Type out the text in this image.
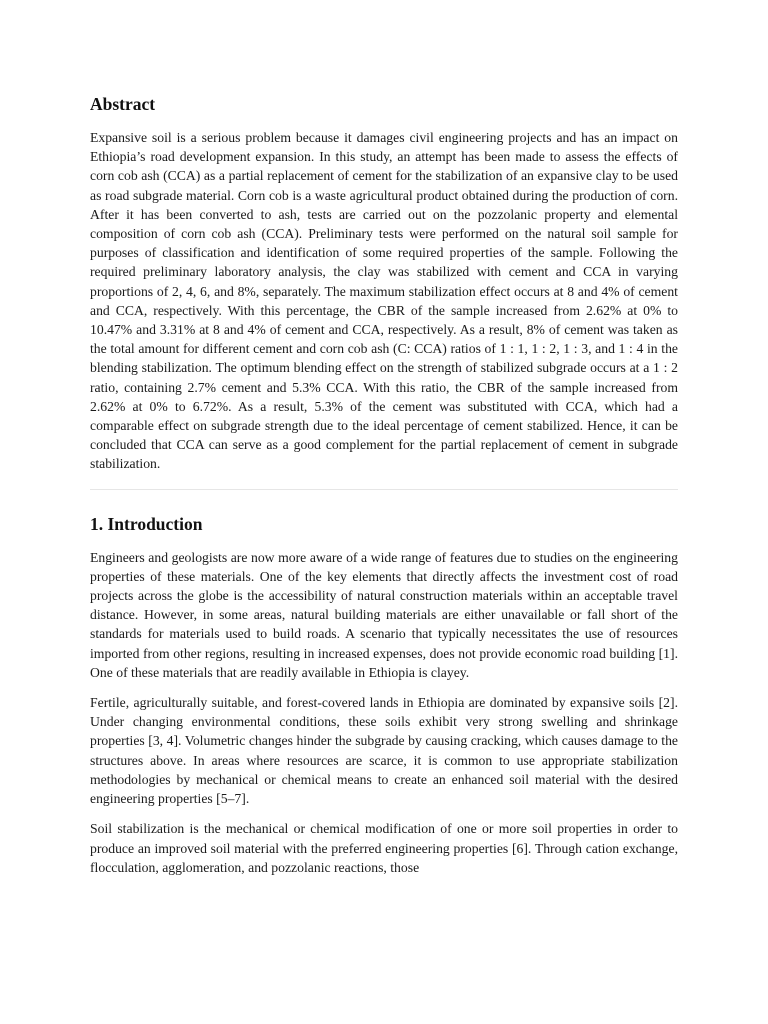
Abstract

Expansive soil is a serious problem because it damages civil engineering projects and has an impact on Ethiopia’s road development expansion. In this study, an attempt has been made to assess the effects of corn cob ash (CCA) as a partial replacement of cement for the stabilization of an expansive clay to be used as road subgrade material. Corn cob is a waste agricultural product obtained during the production of corn. After it has been converted to ash, tests are carried out on the pozzolanic property and elemental composition of corn cob ash (CCA). Preliminary tests were performed on the natural soil sample for purposes of classification and identification of some required properties of the sample. Following the required preliminary laboratory analysis, the clay was stabilized with cement and CCA in varying proportions of 2, 4, 6, and 8%, separately. The maximum stabilization effect occurs at 8 and 4% of cement and CCA, respectively. With this percentage, the CBR of the sample increased from 2.62% at 0% to 10.47% and 3.31% at 8 and 4% of cement and CCA, respectively. As a result, 8% of cement was taken as the total amount for different cement and corn cob ash (C: CCA) ratios of 1 : 1, 1 : 2, 1 : 3, and 1 : 4 in the blending stabilization. The optimum blending effect on the strength of stabilized subgrade occurs at a 1 : 2 ratio, containing 2.7% cement and 5.3% CCA. With this ratio, the CBR of the sample increased from 2.62% at 0% to 6.72%. As a result, 5.3% of the cement was substituted with CCA, which had a comparable effect on subgrade strength due to the ideal percentage of cement stabilized. Hence, it can be concluded that CCA can serve as a good complement for the partial replacement of cement in subgrade stabilization.

1. Introduction

Engineers and geologists are now more aware of a wide range of features due to studies on the engineering properties of these materials. One of the key elements that directly affects the investment cost of road projects across the globe is the accessibility of natural construction materials within an acceptable travel distance. However, in some areas, natural building materials are either unavailable or fall short of the standards for materials used to build roads. A scenario that typically necessitates the use of resources imported from other regions, resulting in increased expenses, does not provide economic road building [1]. One of these materials that are readily available in Ethiopia is clayey.

Fertile, agriculturally suitable, and forest-covered lands in Ethiopia are dominated by expansive soils [2]. Under changing environmental conditions, these soils exhibit very strong swelling and shrinkage properties [3, 4]. Volumetric changes hinder the subgrade by causing cracking, which causes damage to the structures above. In areas where resources are scarce, it is common to use appropriate stabilization methodologies by mechanical or chemical means to create an enhanced soil material with the desired engineering properties [5–7].

Soil stabilization is the mechanical or chemical modification of one or more soil properties in order to produce an improved soil material with the preferred engineering properties [6]. Through cation exchange, flocculation, agglomeration, and pozzolanic reactions, those
